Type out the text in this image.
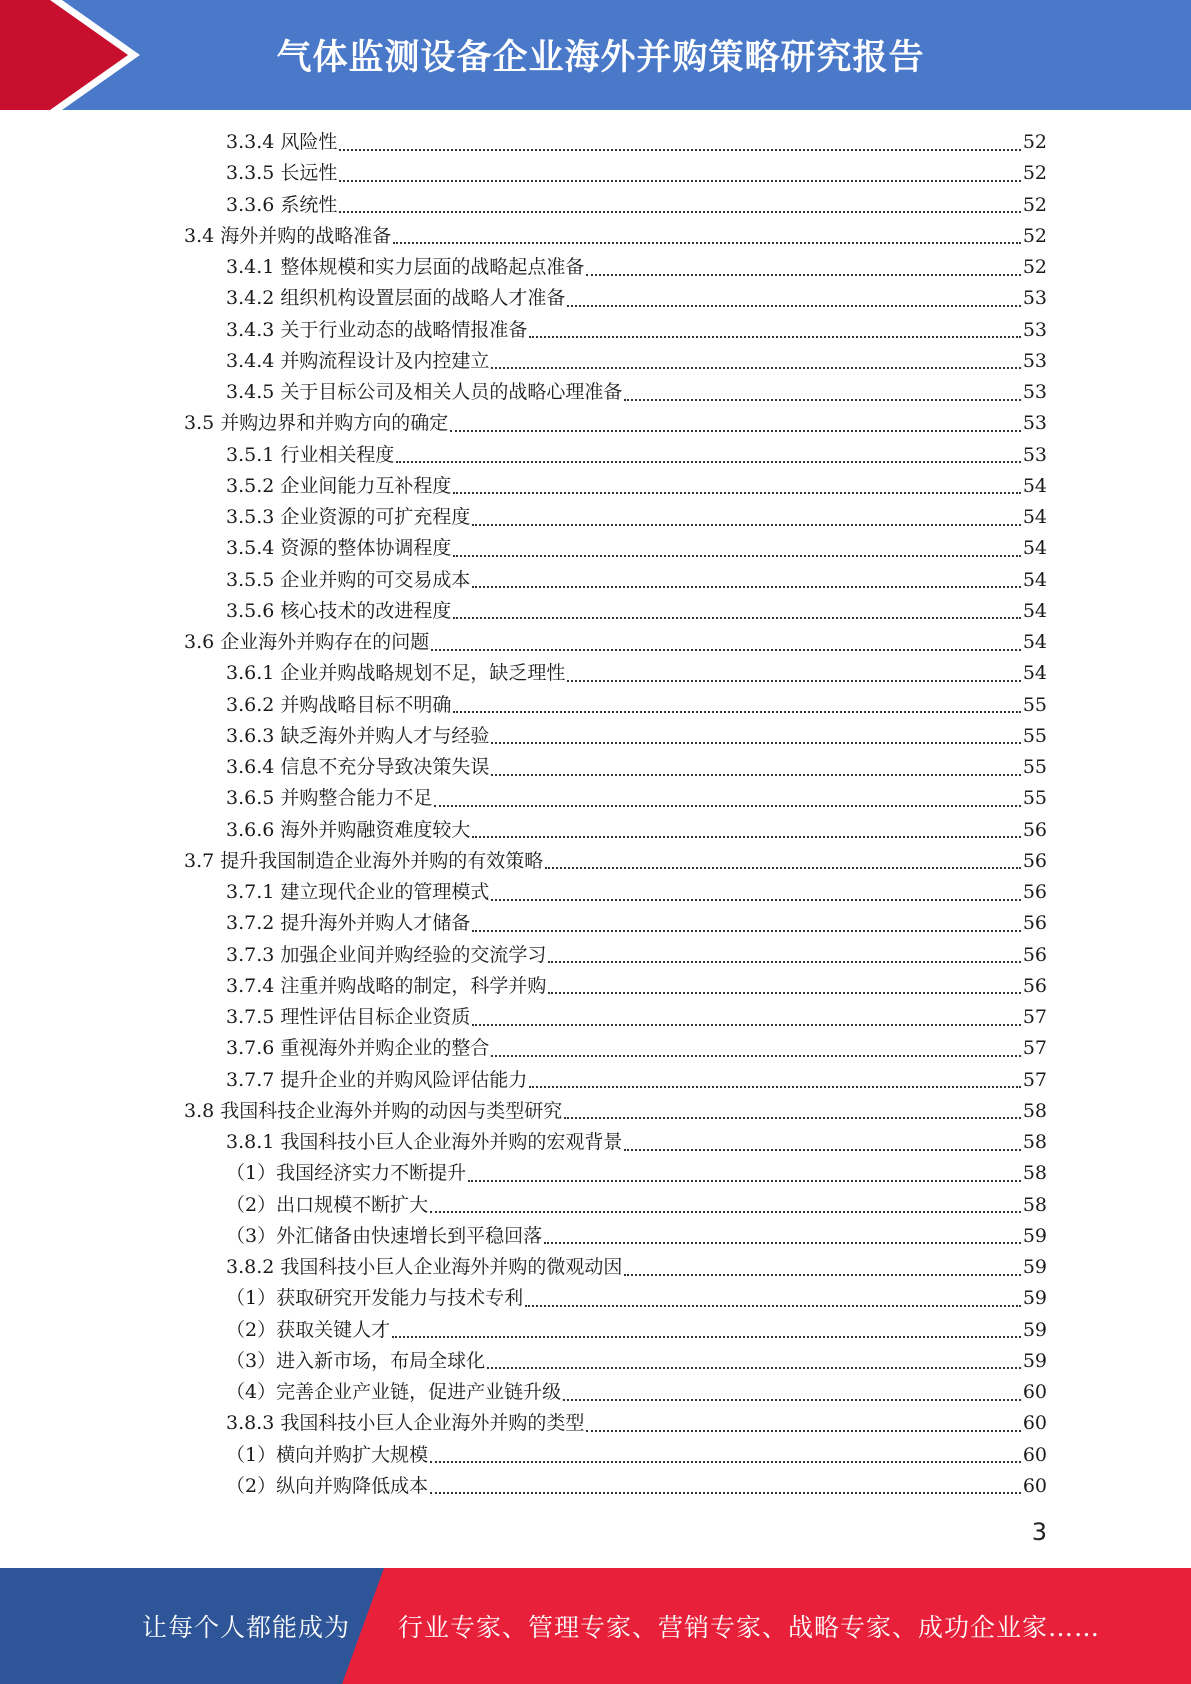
气体监测设备企业海外并购策略研究报告
3.3.4 风险性	52
3.3.5 长远性	52
3.3.6 系统性	52
3.4 海外并购的战略准备	52
3.4.1 整体规模和实力层面的战略起点准备	52
3.4.2 组织机构设置层面的战略人才准备	53
3.4.3 关于行业动态的战略情报准备	53
3.4.4 并购流程设计及内控建立	53
3.4.5 关于目标公司及相关人员的战略心理准备	53
3.5 并购边界和并购方向的确定	53
3.5.1 行业相关程度	53
3.5.2 企业间能力互补程度	54
3.5.3 企业资源的可扩充程度	54
3.5.4 资源的整体协调程度	54
3.5.5 企业并购的可交易成本	54
3.5.6 核心技术的改进程度	54
3.6 企业海外并购存在的问题	54
3.6.1 企业并购战略规划不足，缺乏理性	54
3.6.2 并购战略目标不明确	55
3.6.3 缺乏海外并购人才与经验	55
3.6.4 信息不充分导致决策失误	55
3.6.5 并购整合能力不足	55
3.6.6 海外并购融资难度较大	56
3.7 提升我国制造企业海外并购的有效策略	56
3.7.1 建立现代企业的管理模式	56
3.7.2 提升海外并购人才储备	56
3.7.3 加强企业间并购经验的交流学习	56
3.7.4 注重并购战略的制定，科学并购	56
3.7.5 理性评估目标企业资质	57
3.7.6 重视海外并购企业的整合	57
3.7.7 提升企业的并购风险评估能力	57
3.8 我国科技企业海外并购的动因与类型研究	58
3.8.1 我国科技小巨人企业海外并购的宏观背景	58
（1）我国经济实力不断提升	58
（2）出口规模不断扩大	58
（3）外汇储备由快速增长到平稳回落	59
3.8.2 我国科技小巨人企业海外并购的微观动因	59
（1）获取研究开发能力与技术专利	59
（2）获取关键人才	59
（3）进入新市场，布局全球化	59
（4）完善企业产业链，促进产业链升级	60
3.8.3 我国科技小巨人企业海外并购的类型	60
（1）横向并购扩大规模	60
（2）纵向并购降低成本	60
3
让每个人都能成为 行业专家、管理专家、营销专家、战略专家、成功企业家……
